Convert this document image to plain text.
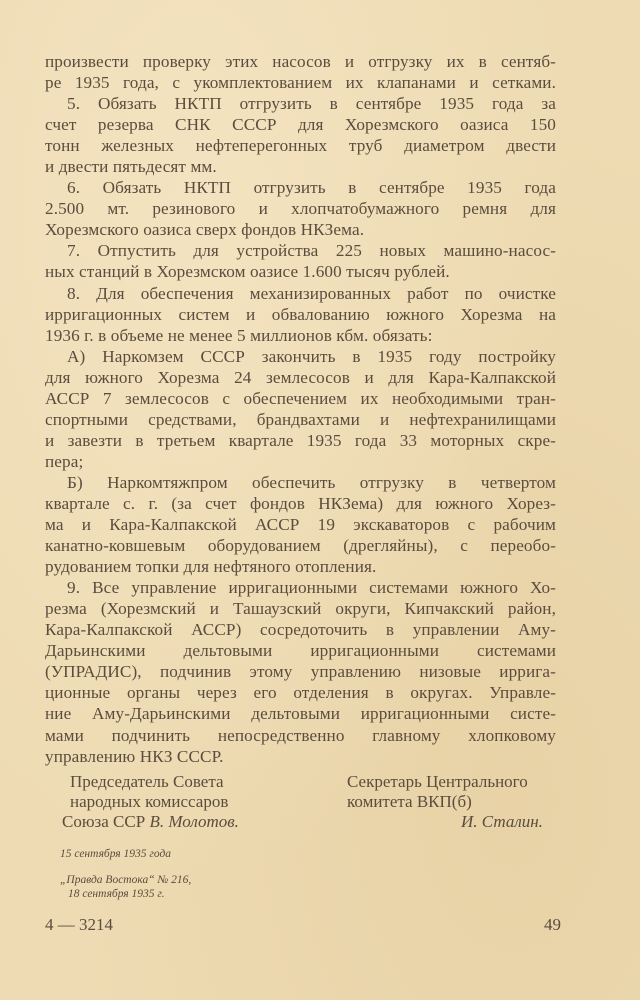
произвести проверку этих насосов и отгрузку их в сентяб-
ре 1935 года, с укомплектованием их клапанами и сетками.
5. Обязать НКТП отгрузить в сентябре 1935 года за
счет резерва СНК СССР для Хорезмского оазиса 150
тонн железных нефтеперегонных труб диаметром двести
и двести пятьдесят мм.
6. Обязать НКТП отгрузить в сентябре 1935 года
2.500 мт. резинового и хлопчатобумажного ремня для
Хорезмского оазиса сверх фондов НКЗема.
7. Отпустить для устройства 225 новых машино-насос-
ных станций в Хорезмском оазисе 1.600 тысяч рублей.
8. Для обеспечения механизированных работ по очистке
ирригационных систем и обвалованию южного Хорезма на
1936 г. в объеме не менее 5 миллионов кбм. обязать:
А) Наркомзем СССР закончить в 1935 году постройку
для южного Хорезма 24 землесосов и для Кара-Калпакской
АССР 7 землесосов с обеспечением их необходимыми тран-
спортными средствами, брандвахтами и нефтехранилищами
и завезти в третьем квартале 1935 года 33 моторных скре-
пера;
Б) Наркомтяжпром обеспечить отгрузку в четвертом
квартале с. г. (за счет фондов НКЗема) для южного Хорез-
ма и Кара-Калпакской АССР 19 экскаваторов с рабочим
канатно-ковшевым оборудованием (дрегляйны), с переобо-
рудованием топки для нефтяного отопления.
9. Все управление ирригационными системами южного Хо-
резма (Хорезмский и Ташаузский округи, Кипчакский район,
Кара-Калпакской АССР) сосредоточить в управлении Аму-
Дарьинскими дельтовыми ирригационными системами
(УПРАДИС), подчинив этому управлению низовые иррига-
ционные органы через его отделения в округах. Управле-
ние Аму-Дарьинскими дельтовыми ирригационными систе-
мами подчинить непосредственно главному хлопковому
управлению НКЗ СССР.
Председатель Совета
народных комиссаров
Союза ССР В. Молотов.
Секретарь Центрального
комитета ВКП(б)
И. Сталин.
15 сентября 1935 года
„Правда Востока“ № 216,
18 сентября 1935 г.
4 — 3214	49
